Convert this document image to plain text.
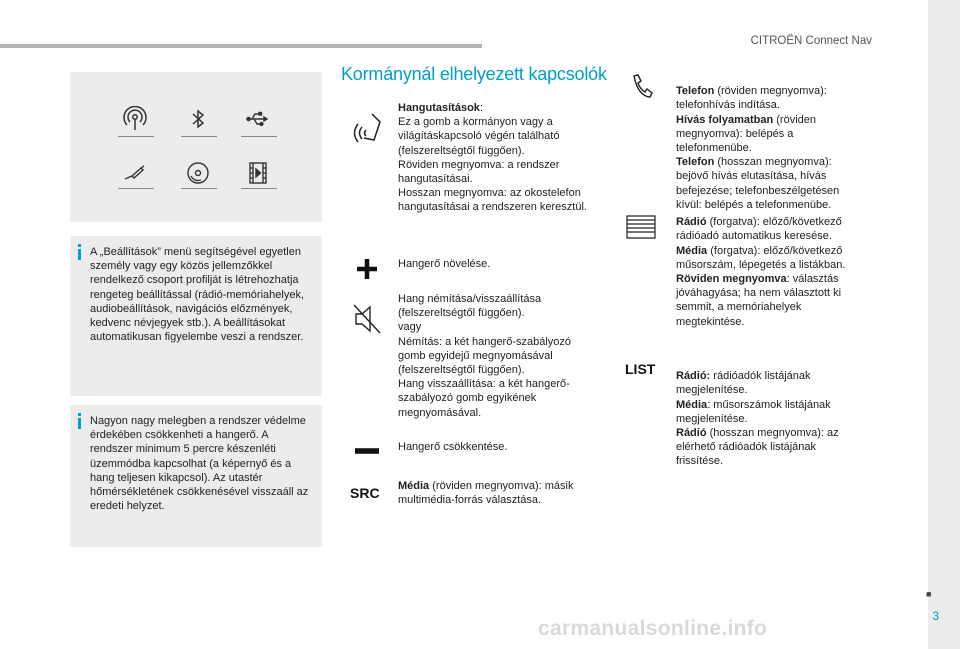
CITROËN Connect Nav
■
3
carmanualsonline.info

A „Beállítások” menü segítségével egyetlen személy vagy egy közös jellemzőkkel rendelkező csoport profilját is létrehozhatja rengeteg beállítással (rádió-memóriahelyek, audiobeállítások, navigációs előzmények, kedvenc névjegyek stb.). A beállításokat automatikusan figyelembe veszi a rendszer.

Nagyon nagy melegben a rendszer védelme érdekében csökkenheti a hangerő. A rendszer minimum 5 percre készenléti üzemmódba kapcsolhat (a képernyő és a hang teljesen kikapcsol). Az utastér hőmérsékletének csökkenésével visszaáll az eredeti helyzet.

Kormánynál elhelyezett kapcsolók
Hangutasítások:
Ez a gomb a kormányon vagy a világításkapcsoló végén található (felszereltségtől függően).
Röviden megnyomva: a rendszer hangutasításai.
Hosszan megnyomva: az okostelefon hangutasításai a rendszeren keresztül.
Hangerő növelése.
Hang némítása/visszaállítása (felszereltségtől függően).
vagy
Némítás: a két hangerő-szabályozó gomb egyidejű megnyomásával (felszereltségtől függően).
Hang visszaállítása: a két hangerő-szabályozó gomb egyikének megnyomásával.
Hangerő csökkentése.
SRC Média (röviden megnyomva): másik multimédia-forrás választása.

Telefon (röviden megnyomva):
telefonhívás indítása.
Hívás folyamatban (röviden megnyomva): belépés a telefonmenübe.
Telefon (hosszan megnyomva): bejövő hívás elutasítása, hívás befejezése; telefonbeszélgetésen kívül: belépés a telefonmenübe.

Rádió (forgatva): előző/következő rádióadó automatikus keresése.
Média (forgatva): előző/következő műsorszám, lépegetés a listákban.
Röviden megnyomva: választás jóváhagyása; ha nem választott ki semmit, a memóriahelyek megtekintése.

LIST Rádió: rádióadók listájának megjelenítése.
Média: műsorszámok listájának megjelenítése.
Rádió (hosszan megnyomva): az elérhető rádióadók listájának frissítése.
